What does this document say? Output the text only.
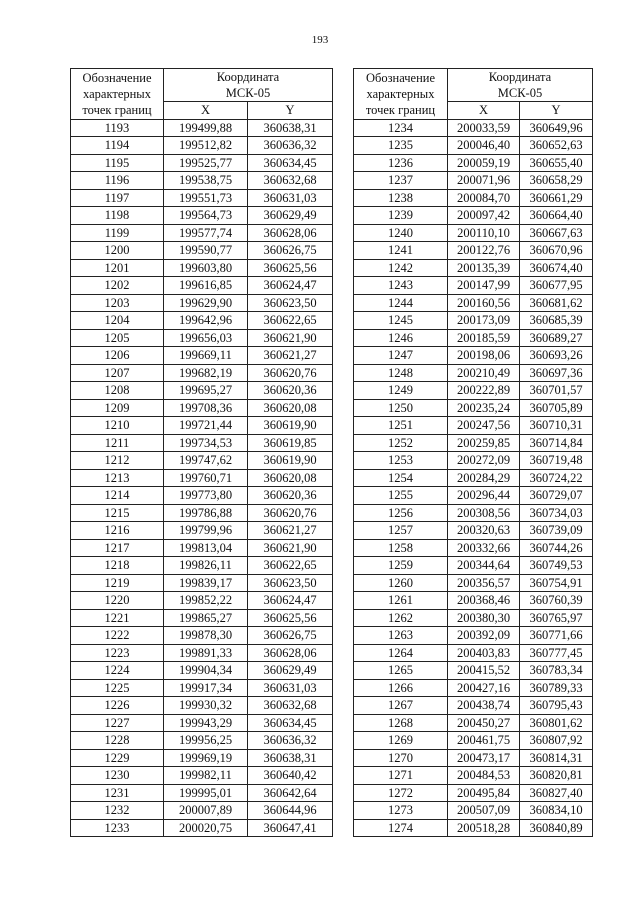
193
Обозначение
характерных
точек границ	Координата
МСК-05	
	X	Y
1193	199499,88	360638,31
1194	199512,82	360636,32
1195	199525,77	360634,45
1196	199538,75	360632,68
1197	199551,73	360631,03
1198	199564,73	360629,49
1199	199577,74	360628,06
1200	199590,77	360626,75
1201	199603,80	360625,56
1202	199616,85	360624,47
1203	199629,90	360623,50
1204	199642,96	360622,65
1205	199656,03	360621,90
1206	199669,11	360621,27
1207	199682,19	360620,76
1208	199695,27	360620,36
1209	199708,36	360620,08
1210	199721,44	360619,90
1211	199734,53	360619,85
1212	199747,62	360619,90
1213	199760,71	360620,08
1214	199773,80	360620,36
1215	199786,88	360620,76
1216	199799,96	360621,27
1217	199813,04	360621,90
1218	199826,11	360622,65
1219	199839,17	360623,50
1220	199852,22	360624,47
1221	199865,27	360625,56
1222	199878,30	360626,75
1223	199891,33	360628,06
1224	199904,34	360629,49
1225	199917,34	360631,03
1226	199930,32	360632,68
1227	199943,29	360634,45
1228	199956,25	360636,32
1229	199969,19	360638,31
1230	199982,11	360640,42
1231	199995,01	360642,64
1232	200007,89	360644,96
1233	200020,75	360647,41
Обозначение
характерных
точек границ	Координата
МСК-05	
	X	Y
1234	200033,59	360649,96
1235	200046,40	360652,63
1236	200059,19	360655,40
1237	200071,96	360658,29
1238	200084,70	360661,29
1239	200097,42	360664,40
1240	200110,10	360667,63
1241	200122,76	360670,96
1242	200135,39	360674,40
1243	200147,99	360677,95
1244	200160,56	360681,62
1245	200173,09	360685,39
1246	200185,59	360689,27
1247	200198,06	360693,26
1248	200210,49	360697,36
1249	200222,89	360701,57
1250	200235,24	360705,89
1251	200247,56	360710,31
1252	200259,85	360714,84
1253	200272,09	360719,48
1254	200284,29	360724,22
1255	200296,44	360729,07
1256	200308,56	360734,03
1257	200320,63	360739,09
1258	200332,66	360744,26
1259	200344,64	360749,53
1260	200356,57	360754,91
1261	200368,46	360760,39
1262	200380,30	360765,97
1263	200392,09	360771,66
1264	200403,83	360777,45
1265	200415,52	360783,34
1266	200427,16	360789,33
1267	200438,74	360795,43
1268	200450,27	360801,62
1269	200461,75	360807,92
1270	200473,17	360814,31
1271	200484,53	360820,81
1272	200495,84	360827,40
1273	200507,09	360834,10
1274	200518,28	360840,89
